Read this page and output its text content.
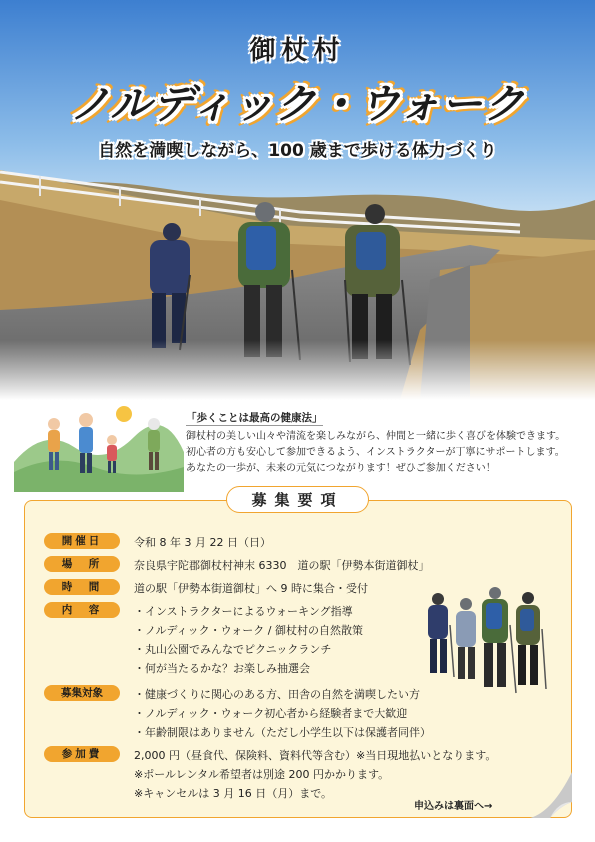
御杖村
ノルディック・ウォーク
自然を満喫しながら、100 歳まで歩ける体力づくり
「歩くことは最高の健康法」
御杖村の美しい山々や清流を楽しみながら、仲間と一緒に歩く喜びを体験できます。
初心者の方も安心して参加できるよう、インストラクターが丁寧にサポートします。
あなたの一歩が、未来の元気につながります！ぜひご参加ください！
募集要項
開催日	令和 8 年 3 月 22 日（日）
場　所	奈良県宇陀郡御杖村神末 6330　道の駅「伊勢本街道御杖」
時　間	道の駅「伊勢本街道御杖」へ 9 時に集合・受付
内　容	・インストラクターによるウォーキング指導
・ノルディック・ウォーク / 御杖村の自然散策
・丸山公園でみんなでピクニックランチ
・何が当たるかな？お楽しみ抽選会
募集対象	・健康づくりに関心のある方、田舎の自然を満喫したい方
・ノルディック・ウォーク初心者から経験者まで大歓迎
・年齢制限はありません（ただし小学生以下は保護者同伴）
参加費	2,000 円（昼食代、保険料、資料代等含む）※当日現地払いとなります。
※ポールレンタル希望者は別途 200 円かかります。
※キャンセルは 3 月 16 日（月）まで。
申込みは裏面へ→
